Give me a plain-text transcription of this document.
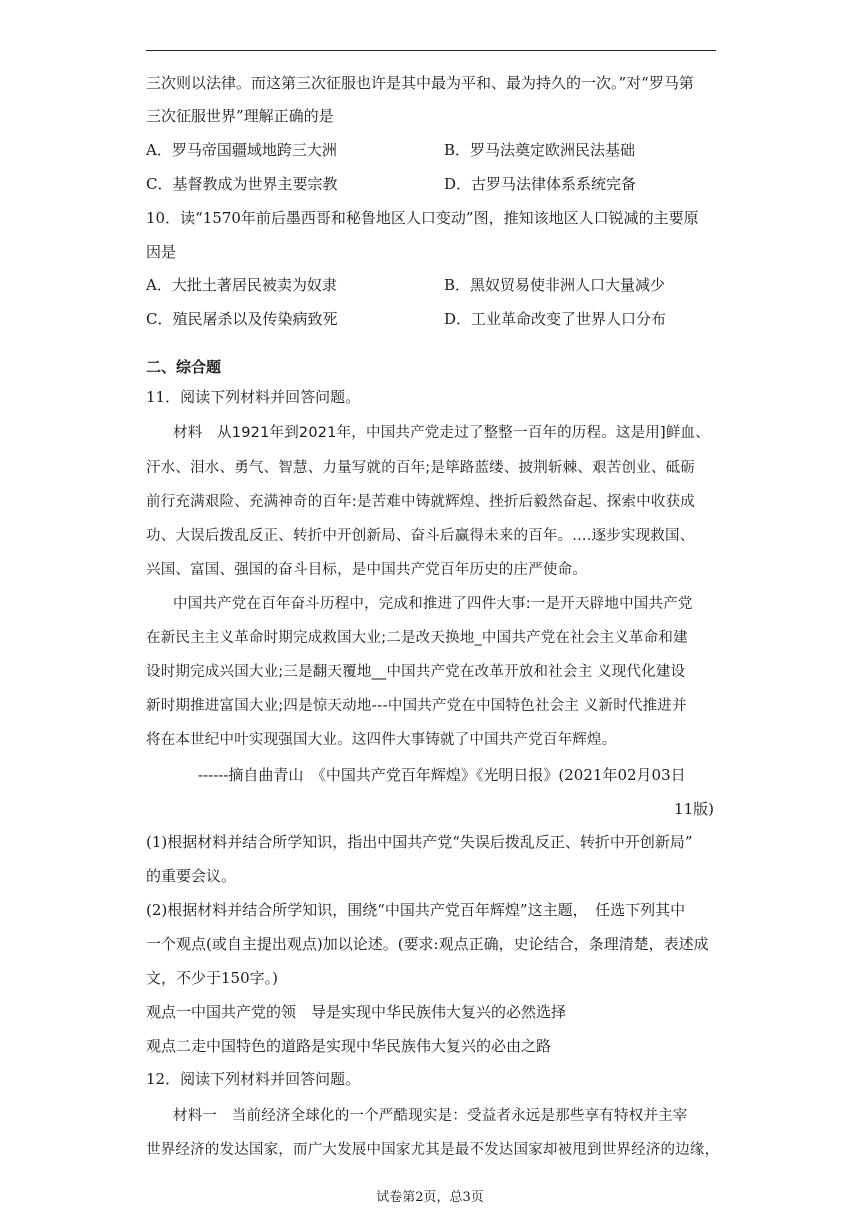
三次则以法律。而这第三次征服也许是其中最为平和、最为持久的一次。”对“罗马第
三次征服世界”理解正确的是
A．罗马帝国疆域地跨三大洲	B．罗马法奠定欧洲民法基础
C．基督教成为世界主要宗教	D．古罗马法律体系系统完备
10．读“1570年前后墨西哥和秘鲁地区人口变动”图，推知该地区人口锐减的主要原
因是
A．大批土著居民被卖为奴隶	B．黑奴贸易使非洲人口大量减少
C．殖民屠杀以及传染病致死	D．工业革命改变了世界人口分布
二、综合题
11．阅读下列材料并回答问题。
材料　从1921年到2021年，中国共产党走过了整整一百年的历程。这是用]鲜血、
汗水、泪水、勇气、智慧、力量写就的百年;是筚路蓝缕、披荆斩棘、艰苦创业、砥砺
前行充满艰险、充满神奇的百年:是苦难中铸就辉煌、挫折后毅然奋起、探索中收获成
功、大误后拨乱反正、转折中开创新局、奋斗后赢得未来的百年。....逐步实现救国、
兴国、富国、强国的奋斗目标，是中国共产党百年历史的庄严使命。
中国共产党在百年奋斗历程中，完成和推进了四件大事:一是开天辟地中国共产党
在新民主主义革命时期完成救国大业;二是改天换地_中国共产党在社会主义革命和建
设时期完成兴国大业;三是翻天覆地__中国共产党在改革开放和社会主 义现代化建设
新时期推进富国大业;四是惊天动地---中国共产党在中国特色社会主 义新时代推进并
将在本世纪中叶实现强国大业。这四件大事铸就了中国共产党百年辉煌。
------摘自曲青山　《中国共产党百年辉煌》《光明日报》(2021年02月03日
11版)
(1)根据材料并结合所学知识，指出中国共产党“失误后拨乱反正、转折中开创新局”
的重要会议。
(2)根据材料并结合所学知识，围绕“中国共产党百年辉煌”这主题，　任选下列其中
一个观点(或自主提出观点)加以论述。(要求:观点正确，史论结合，条理清楚，表述成
文，不少于150字。)
观点一中国共产党的领　导是实现中华民族伟大复兴的必然选择
观点二走中国特色的道路是实现中华民族伟大复兴的必由之路
12．阅读下列材料并回答问题。
材料一　当前经济全球化的一个严酷现实是：受益者永远是那些享有特权并主宰
世界经济的发达国家，而广大发展中国家尤其是最不发达国家却被甩到世界经济的边缘，
试卷第2页，总3页
